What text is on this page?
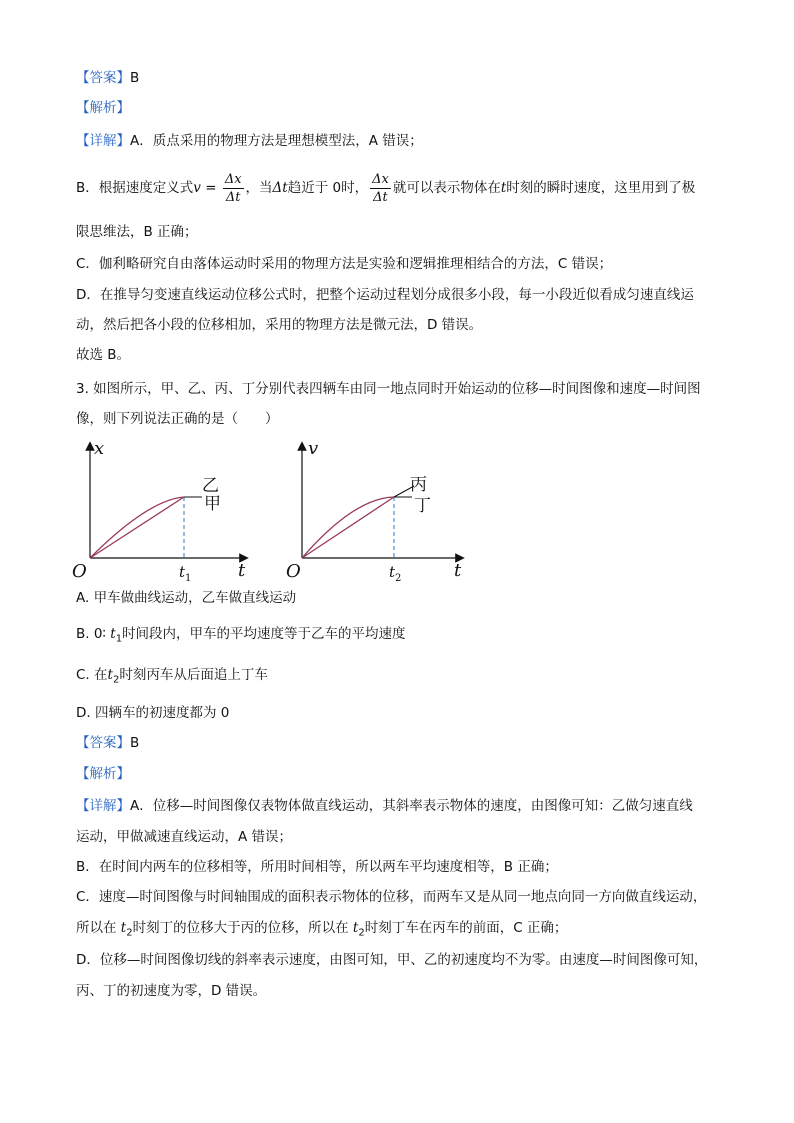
【答案】B
【解析】
【详解】A．质点采用的物理方法是理想模型法，A 错误；
B．根据速度定义式$v = \frac{\Delta x}{\Delta t}$ ，当Δt趋近于 0时， $\frac{\Delta x}{\Delta t}$ 就可以表示物体在t时刻的瞬时速度，这里用到了极
限思维法，B 正确；
C．伽利略研究自由落体运动时采用的物理方法是实验和逻辑推理相结合的方法，C 错误；
D．在推导匀变速直线运动位移公式时，把整个运动过程划分成很多小段，每一小段近似看成匀速直线运
动，然后把各小段的位移相加，采用的物理方法是微元法，D 错误。
故选 B。
3. 如图所示，甲、乙、丙、丁分别代表四辆车由同一地点同时开始运动的位移—时间图像和速度—时间图
像，则下列说法正确的是（　　）
x
t
O	$t_1$
乙
甲
v
t
O	$t_2$
丙
丁
A. 甲车做曲线运动，乙车做直线运动
B. 0∶ $t_1$时间段内，甲车的平均速度等于乙车的平均速度
C. 在$t_2$时刻丙车从后面追上丁车
D. 四辆车的初速度都为 0
【答案】B
【解析】
【详解】A．位移—时间图像仅表物体做直线运动，其斜率表示物体的速度，由图像可知：乙做匀速直线
运动，甲做减速直线运动，A 错误；
B．在时间内两车的位移相等，所用时间相等，所以两车平均速度相等，B 正确；
C．速度—时间图像与时间轴围成的面积表示物体的位移，而两车又是从同一地点向同一方向做直线运动，
所以在 $t_2$时刻丁的位移大于丙的位移，所以在 $t_2$时刻丁车在丙车的前面，C 正确；
D．位移—时间图像切线的斜率表示速度，由图可知，甲、乙的初速度均不为零。由速度—时间图像可知，
丙、丁的初速度为零，D 错误。
